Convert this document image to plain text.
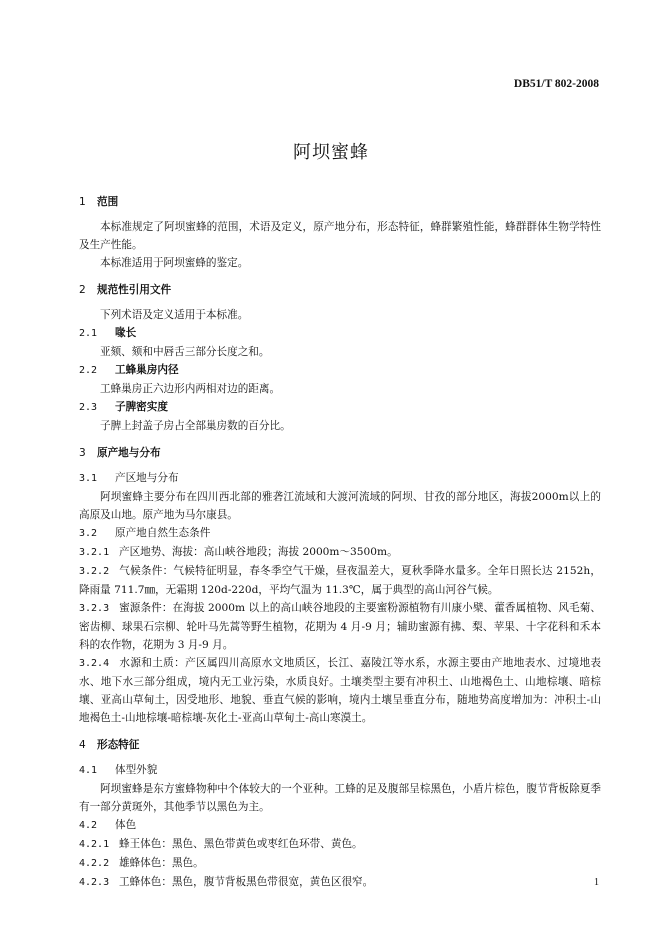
DB51/T 802-2008
阿坝蜜蜂
1 范围

本标准规定了阿坝蜜蜂的范围，术语及定义，原产地分布，形态特征，蜂群繁殖性能，蜂群群体生物学特性及生产性能。

本标准适用于阿坝蜜蜂的鉴定。

2 规范性引用文件

下列术语及定义适用于本标准。

2.1 喙长

亚颏、颏和中唇舌三部分长度之和。

2.2 工蜂巢房内径

工蜂巢房正六边形内两相对边的距离。

2.3 子脾密实度

子脾上封盖子房占全部巢房数的百分比。

3 原产地与分布
3.1 产区地与分布

阿坝蜜蜂主要分布在四川西北部的雅砻江流域和大渡河流域的阿坝、甘孜的部分地区，海拔2000m以上的高原及山地。原产地为马尔康县。

3.2 原产地自然生态条件

3.2.1 产区地势、海拔：高山峡谷地段；海拔 2000m～3500m。

3.2.2 气候条件：气候特征明显，春冬季空气干燥，昼夜温差大，夏秋季降水量多。全年日照长达 2152h，降雨量 711.7㎜，无霜期 120d-220d，平均气温为 11.3℃，属于典型的高山河谷气候。

3.2.3 蜜源条件：在海拔 2000m 以上的高山峡谷地段的主要蜜粉源植物有川康小檗、藿香属植物、风毛菊、密齿柳、球果石宗柳、轮叶马先蒿等野生植物，花期为 4 月-9 月；辅助蜜源有拂、梨、苹果、十字花科和禾本科的农作物，花期为 3 月-9 月。

3.2.4 水源和土质：产区属四川高原水文地质区，长江、嘉陵江等水系，水源主要由产地地表水、过境地表水、地下水三部分组成，境内无工业污染，水质良好。土壤类型主要有冲积土、山地褐色土、山地棕壤、暗棕壤、亚高山草甸土，因受地形、地貌、垂直气候的影响，境内土壤呈垂直分布，随地势高度增加为：冲积土-山地褐色土-山地棕壤-暗棕壤-灰化土-亚高山草甸土-高山寒漠土。

4 形态特征
4.1 体型外貌

阿坝蜜蜂是东方蜜蜂物种中个体较大的一个亚种。工蜂的足及腹部呈棕黑色，小盾片棕色，腹节背板除夏季有一部分黄斑外，其他季节以黑色为主。

4.2 体色

4.2.1 蜂王体色：黑色、黑色带黄色或枣红色环带、黄色。

4.2.2 雄蜂体色：黑色。

4.2.3 工蜂体色：黑色，腹节背板黑色带很宽，黄色区很窄。	1
